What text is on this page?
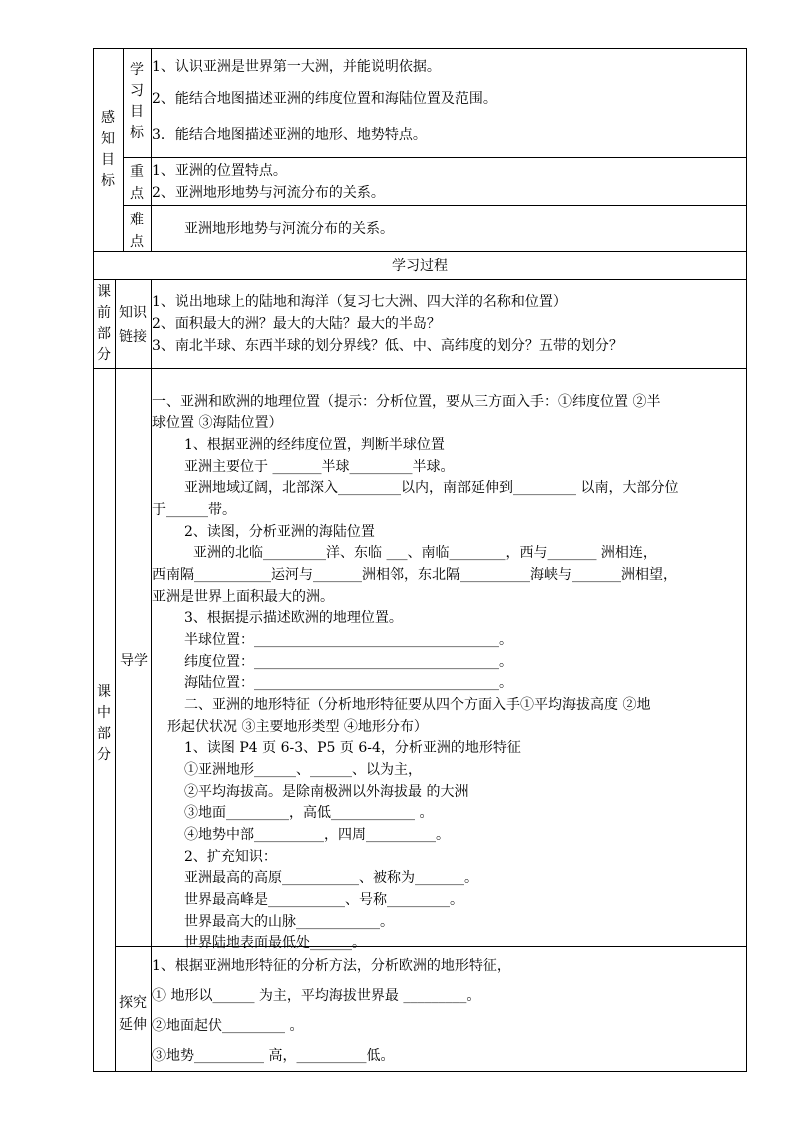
感知目标
学习目标
1、认识亚洲是世界第一大洲，并能说明依据。
2、能结合地图描述亚洲的纬度位置和海陆位置及范围。
3．能结合地图描述亚洲的地形、地势特点。
重
点
1、亚洲的位置特点。
2、亚洲地形地势与河流分布的关系。
难
点
亚洲地形地势与河流分布的关系。
学习过程
课前部分
知识
链接
1、说出地球上的陆地和海洋（复习七大洲、四大洋的名称和位置）
2、面积最大的洲？最大的大陆？最大的半岛？
3、南北半球、东西半球的划分界线？低、中、高纬度的划分？五带的划分？
课中部分
导学
一、亚洲和欧洲的地理位置（提示：分析位置，要从三方面入手：①纬度位置 ②半
球位置 ③海陆位置）
1、根据亚洲的经纬度位置，判断半球位置
亚洲主要位于 _______半球_________半球。
亚洲地域辽阔，北部深入_________以内，南部延伸到_________ 以南，大部分位
于______带。
2、读图，分析亚洲的海陆位置
亚洲的北临_________洋、东临 ___、南临________，西与_______ 洲相连，
西南隔___________运河与_______洲相邻，东北隔__________海峡与_______洲相望，
亚洲是世界上面积最大的洲。
3、根据提示描述欧洲的地理位置。
半球位置：___________________________________。
纬度位置：___________________________________。
海陆位置：___________________________________。
二、亚洲的地形特征（分析地形特征要从四个方面入手①平均海拔高度 ②地
形起伏状况 ③主要地形类型 ④地形分布）
1、读图 P4 页 6-3、P5 页 6-4，分析亚洲的地形特征
①亚洲地形______、______、以为主，
②平均海拔高。是除南极洲以外海拔最 的大洲
③地面_________，高低____________ 。
④地势中部__________，四周__________。
2、扩充知识：
亚洲最高的高原___________、被称为_______。
世界最高峰是___________、号称_________。
世界最高大的山脉____________。
世界陆地表面最低处______。
探究
延伸
1、根据亚洲地形特征的分析方法，分析欧洲的地形特征，
① 地形以______ 为主，平均海拔世界最 _________。
②地面起伏_________ 。
③地势__________ 高，__________低。
